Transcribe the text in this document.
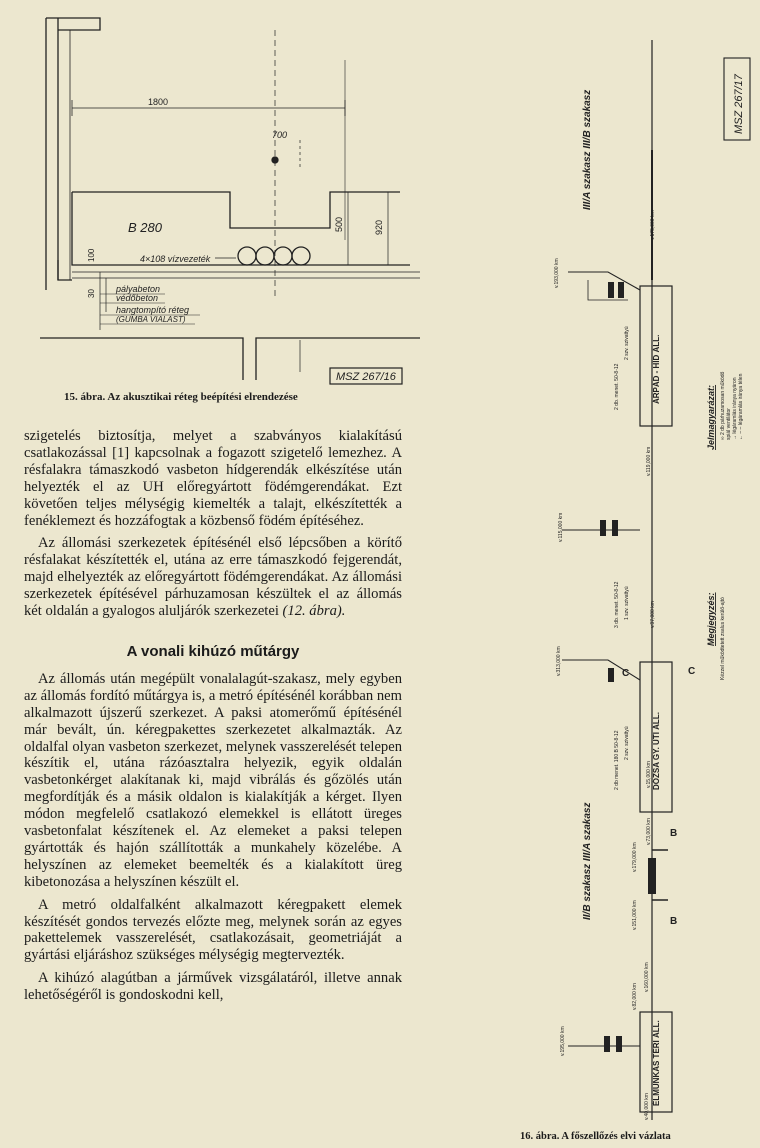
1800
700
B 280
4×108 vízvezeték
500	920
100
30 pályabeton
védőbeton
hangtompító réteg
(GUMBA VIALAST)
MSZ 267/16
15. ábra. Az akusztikai réteg beépítési elrendezése

szigetelés biztosítja, melyet a szabványos kialakítású csatlakozással [1] kapcsolnak a fogazott szigetelő lemezhez. A résfalakra támaszkodó vasbeton hídgerendák elkészítése után helyezték el az UH előregyártott födémgerendákat. Ezt követően teljes mélységig kiemelték a talajt, elkészítették a fenéklemezt és hozzáfogtak a közbenső födém építéséhez.

Az állomási szerkezetek építésénél első lépcsőben a körítő résfalakat készítették el, utána az erre támaszkodó fejgerendát, majd elhelyezték az előregyártott födémgerendákat. Az állomási szerkezetek építésével párhuzamosan készültek el az állomás két oldalán a gyalogos aluljárók szerkezetei (12. ábra).

A vonali kihúzó műtárgy

Az állomás után megépült vonalalagút-szakasz, mely egyben az állomás fordító műtárgya is, a metró építésénél korábban nem alkalmazott újszerű szerkezet. A paksi atomerőmű építésénél már bevált, ún. kéregpakettes szerkezetet alkalmazták. Az oldalfal olyan vasbeton szerkezet, melynek vasszerelését telepen készítik el, utána rázóasztalra helyezik, egyik oldalán vasbetonkérget alakítanak ki, majd vibrálás és gőzölés után megfordítják és a másik oldalon is kialakítják a kérget. Ilyen módon megfelelő csatlakozó elemekkel is ellátott üreges vasbetonfalat készítenek el. Az elemeket a paksi telepen gyártották és hajón szállították a munkahely közelébe. A helyszínen az elemeket beemelték és a kialakított üreg kibetonozása a helyszínen készült el.

A metró oldalfalként alkalmazott kéregpakett elemek készítését gondos tervezés előzte meg, melynek során az egyes pakettelemek vasszerelését, csatlakozásait, geometriáját a gyártási eljáráshoz szükséges mélységig megtervezték.

A kihúzó alagútban a járművek vizsgálatáról, illetve annak lehetőségéről is gondoskodni kell,

MSZ 267/17
III/A szakasz III/B szakasz
II/B szakasz III/A szakasz
ÁRPÁD - HÍD ÁLL.
DÓZSA GY. ÚTI ÁLL.
ÉLMUNKÁS TÉRI ÁLL.
v.193,000 km
v.175,000 km
v.119,000 km
v.115,000 km
v.313,000 km
v.97,000 km
v.73,000 km
v.15,000 km
v.151,000 km
v.179,000 km
v.160,000 km
v.82,000 km
v.195,000 km
v.40,000 km
2 db. menet. 50-8-12
2 szv. szivattyú
3 db. menet. 50-8-12 1 szv. szivattyú
2 db menet. 180 B 50-8-12 2 szv. szivattyú
C	C
B
B
Jelmagyarázat: ∞ 2 db párhuzamosan működő spiál ventilátor → légáramlás iránya nyáron ← – – légáramlás iránya télen
Megjegyzés: Kézzel működtetett zsalus kerülő-ajtó
16. ábra. A főszellőzés elvi vázlata
